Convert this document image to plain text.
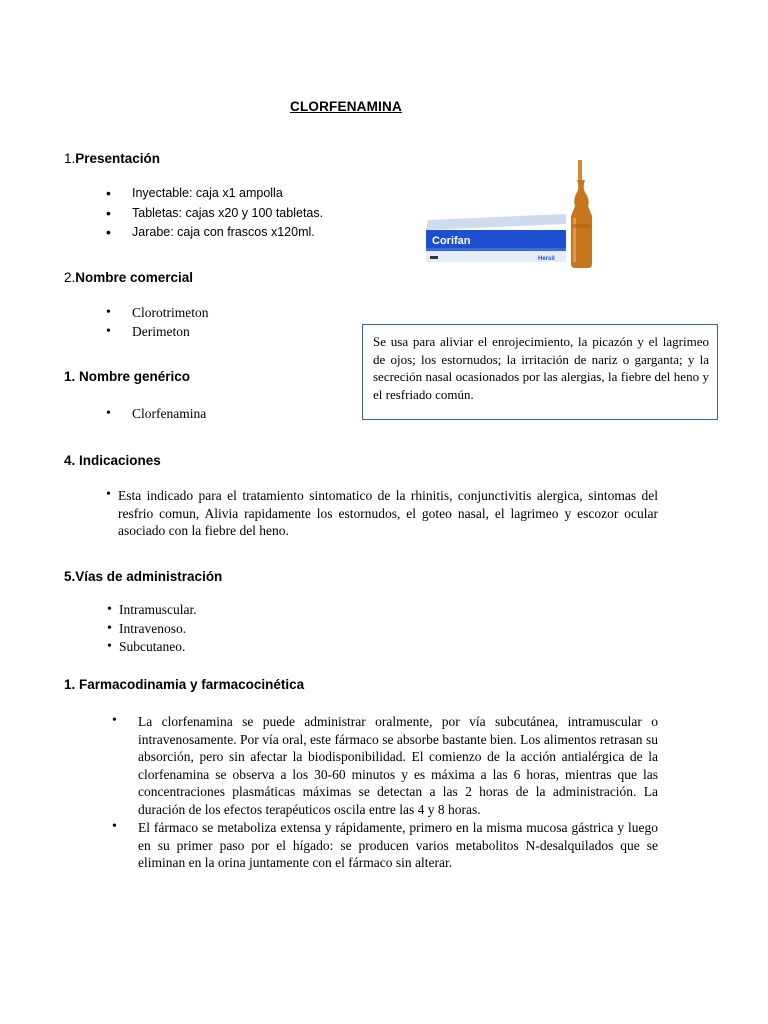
CLORFENAMINA
1.Presentación
• Inyectable: caja x1 ampolla
• Tabletas: cajas x20 y 100 tabletas.
• Jarabe: caja con frascos x120ml.
Corifan
Hersil
2.Nombre comercial
• Clorotrimeton
• Derimeton
Se usa para aliviar el enrojecimiento, la picazón y el lagrimeo de ojos; los estornudos; la irritación de nariz o garganta; y la secreción nasal ocasionados por las alergias, la fiebre del heno y el resfriado común.
1. Nombre genérico
• Clorfenamina
4. Indicaciones
• Esta indicado para el tratamiento sintomatico de la rhinitis, conjunctivitis alergica, sintomas del resfrio comun, Alivia rapidamente los estornudos, el goteo nasal, el lagrimeo y escozor ocular asociado con la fiebre del heno.
5.Vías de administración
• Intramuscular.
• Intravenoso.
• Subcutaneo.
1. Farmacodinamia y farmacocinética
• La clorfenamina se puede administrar oralmente, por vía subcutánea, intramuscular o intravenosamente. Por vía oral, este fármaco se absorbe bastante bien. Los alimentos retrasan su absorción, pero sin afectar la biodisponibilidad. El comienzo de la acción antialérgica de la clorfenamina se observa a los 30-60 minutos y es máxima a las 6 horas, mientras que las concentraciones plasmáticas máximas se detectan a las 2 horas de la administración. La duración de los efectos terapéuticos oscila entre las 4 y 8 horas.
• El fármaco se metaboliza extensa y rápidamente, primero en la misma mucosa gástrica y luego en su primer paso por el hígado: se producen varios metabolitos N-desalquilados que se eliminan en la orina juntamente con el fármaco sin alterar.
